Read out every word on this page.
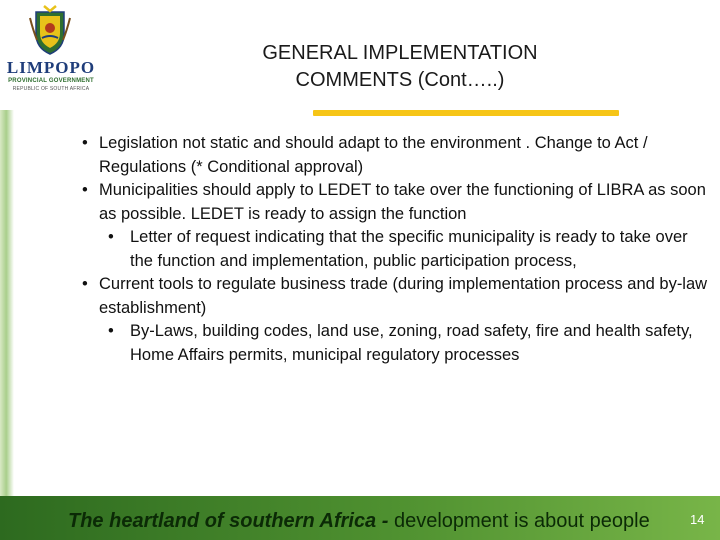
LIMPOPO
PROVINCIAL GOVERNMENT
REPUBLIC OF SOUTH AFRICA
GENERAL IMPLEMENTATION
COMMENTS (Cont…..)
• Legislation not static and should adapt to the environment . Change to Act / Regulations (* Conditional approval)
• Municipalities should apply to LEDET to take over the functioning of LIBRA as soon as possible. LEDET is ready to assign the function
• Letter of request indicating that the specific municipality is ready to take over the function and implementation, public participation process,
• Current tools to regulate business trade (during implementation process and by-law establishment)
• By-Laws, building codes, land use, zoning, road safety, fire and health safety, Home Affairs permits, municipal regulatory processes
The heartland of southern Africa - development is about people	14
